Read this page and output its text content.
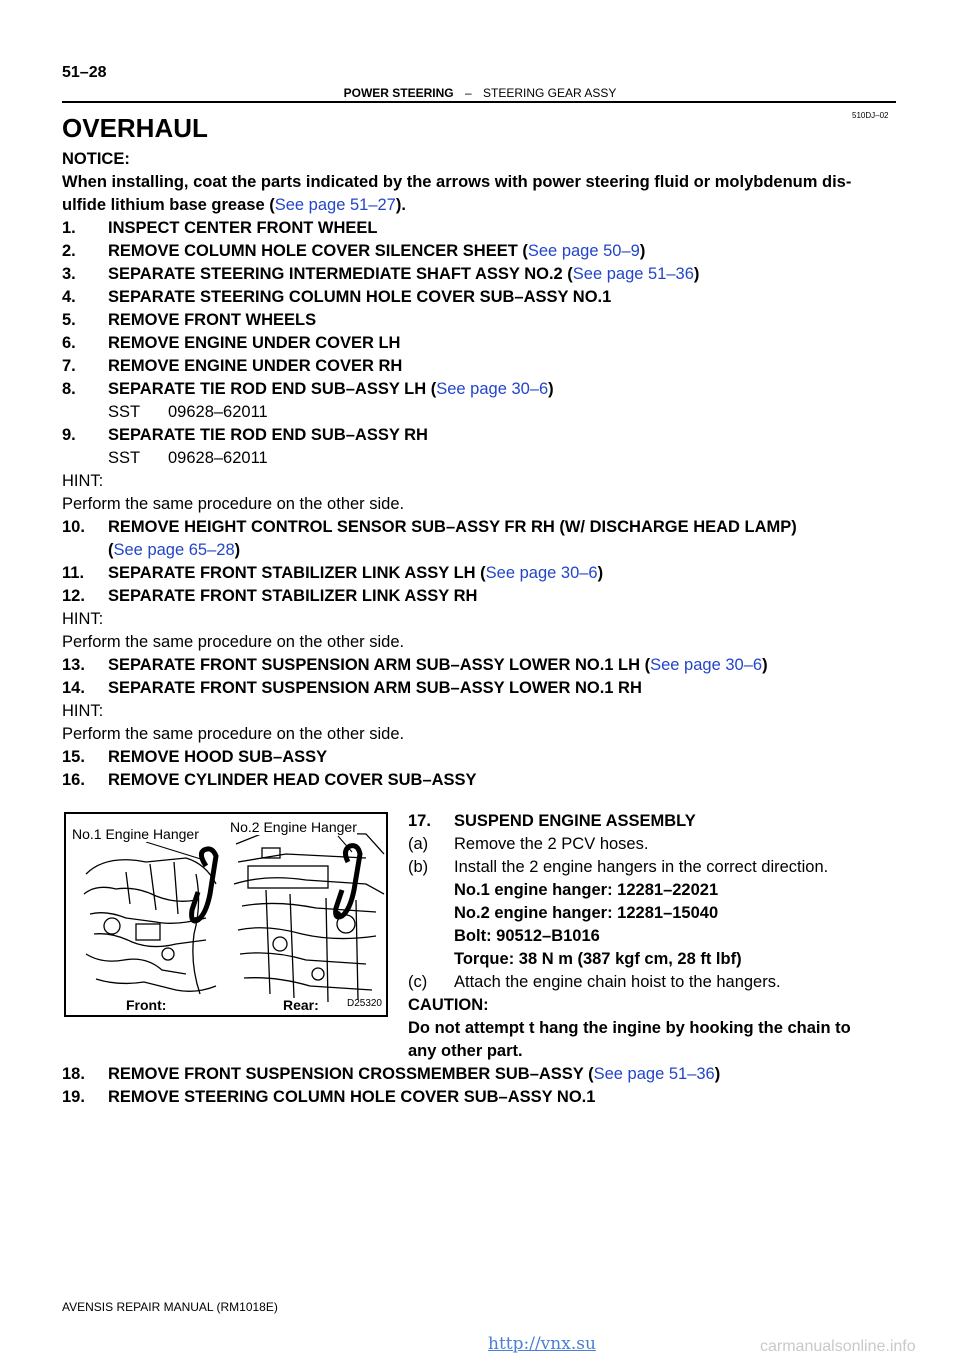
51–28
POWER STEERING – STEERING GEAR ASSY
510DJ–02
OVERHAUL
NOTICE:
When installing, coat the parts indicated by the arrows with power steering fluid or molybdenum dis-
ulfide lithium base grease (See page 51–27).
1. INSPECT CENTER FRONT WHEEL
2. REMOVE COLUMN HOLE COVER SILENCER SHEET (See page 50–9)
3. SEPARATE STEERING INTERMEDIATE SHAFT ASSY NO.2 (See page 51–36)
4. SEPARATE STEERING COLUMN HOLE COVER SUB–ASSY NO.1
5. REMOVE FRONT WHEELS
6. REMOVE ENGINE UNDER COVER LH
7. REMOVE ENGINE UNDER COVER RH
8. SEPARATE TIE ROD END SUB–ASSY LH (See page 30–6)
SST 09628–62011
9. SEPARATE TIE ROD END SUB–ASSY RH
SST 09628–62011
HINT:
Perform the same procedure on the other side.
10. REMOVE HEIGHT CONTROL SENSOR SUB–ASSY FR RH (W/ DISCHARGE HEAD LAMP)
(See page 65–28)
11. SEPARATE FRONT STABILIZER LINK ASSY LH (See page 30–6)
12. SEPARATE FRONT STABILIZER LINK ASSY RH
HINT:
Perform the same procedure on the other side.
13. SEPARATE FRONT SUSPENSION ARM SUB–ASSY LOWER NO.1 LH (See page 30–6)
14. SEPARATE FRONT SUSPENSION ARM SUB–ASSY LOWER NO.1 RH
HINT:
Perform the same procedure on the other side.
15. REMOVE HOOD SUB–ASSY
16. REMOVE CYLINDER HEAD COVER SUB–ASSY
No.1 Engine Hanger No.2 Engine Hanger
Front:	Rear:	D25320
17. SUSPEND ENGINE ASSEMBLY
(a) Remove the 2 PCV hoses.
(b) Install the 2 engine hangers in the correct direction.
No.1 engine hanger: 12281–22021
No.2 engine hanger: 12281–15040
Bolt: 90512–B1016
Torque: 38 N m (387 kgf cm, 28 ft lbf)
(c) Attach the engine chain hoist to the hangers.
CAUTION:
Do not attempt t hang the ingine by hooking the chain to
any other part.
18. REMOVE FRONT SUSPENSION CROSSMEMBER SUB–ASSY (See page 51–36)
19. REMOVE STEERING COLUMN HOLE COVER SUB–ASSY NO.1
AVENSIS REPAIR MANUAL (RM1018E)
http://vnx.su	carmanualsonline.info
